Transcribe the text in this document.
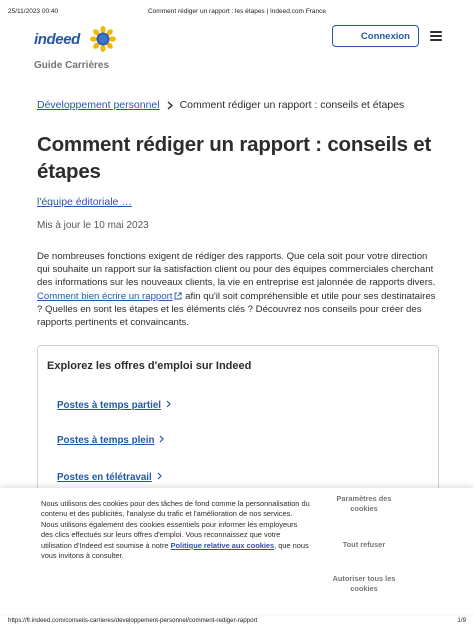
25/11/2023 00:40	Comment rédiger un rapport : les étapes | Indeed.com France
indeed	Connexion
Guide Carrières
Développement personnel Comment rédiger un rapport : conseils et étapes
Comment rédiger un rapport : conseils et étapes
l'équipe éditoriale …
Mis à jour le 10 mai 2023

De nombreuses fonctions exigent de rédiger des rapports. Que cela soit pour votre direction qui souhaite un rapport sur la satisfaction client ou pour des équipes commerciales cherchant des informations sur les nouveaux clients, la vie en entreprise est jalonnée de rapports divers. Comment bien écrire un rapport afin qu'il soit compréhensible et utile pour ses destinataires ? Quelles en sont les étapes et les éléments clés ? Découvrez nos conseils pour créer des rapports pertinents et convaincants.

Explorez les offres d'emploi sur Indeed
Postes à temps partiel
Postes à temps plein
Postes en télétravail

Nous utilisons des cookies pour des tâches de fond comme la personnalisation du contenu et des publicités, l'analyse du trafic et l'amélioration de nos services. Nous utilisons également des cookies essentiels pour informer les employeurs des clics effectués sur leurs offres d'emploi. Vous reconnaissez que votre utilisation d'Indeed est soumise à notre Politique relative aux cookies, que nous vous invitons à consulter.

Paramètres des cookies
Tout refuser
Autoriser tous les cookies
https://fr.indeed.com/conseils-carrieres/developpement-personnel/comment-rediger-rapport	1/9
